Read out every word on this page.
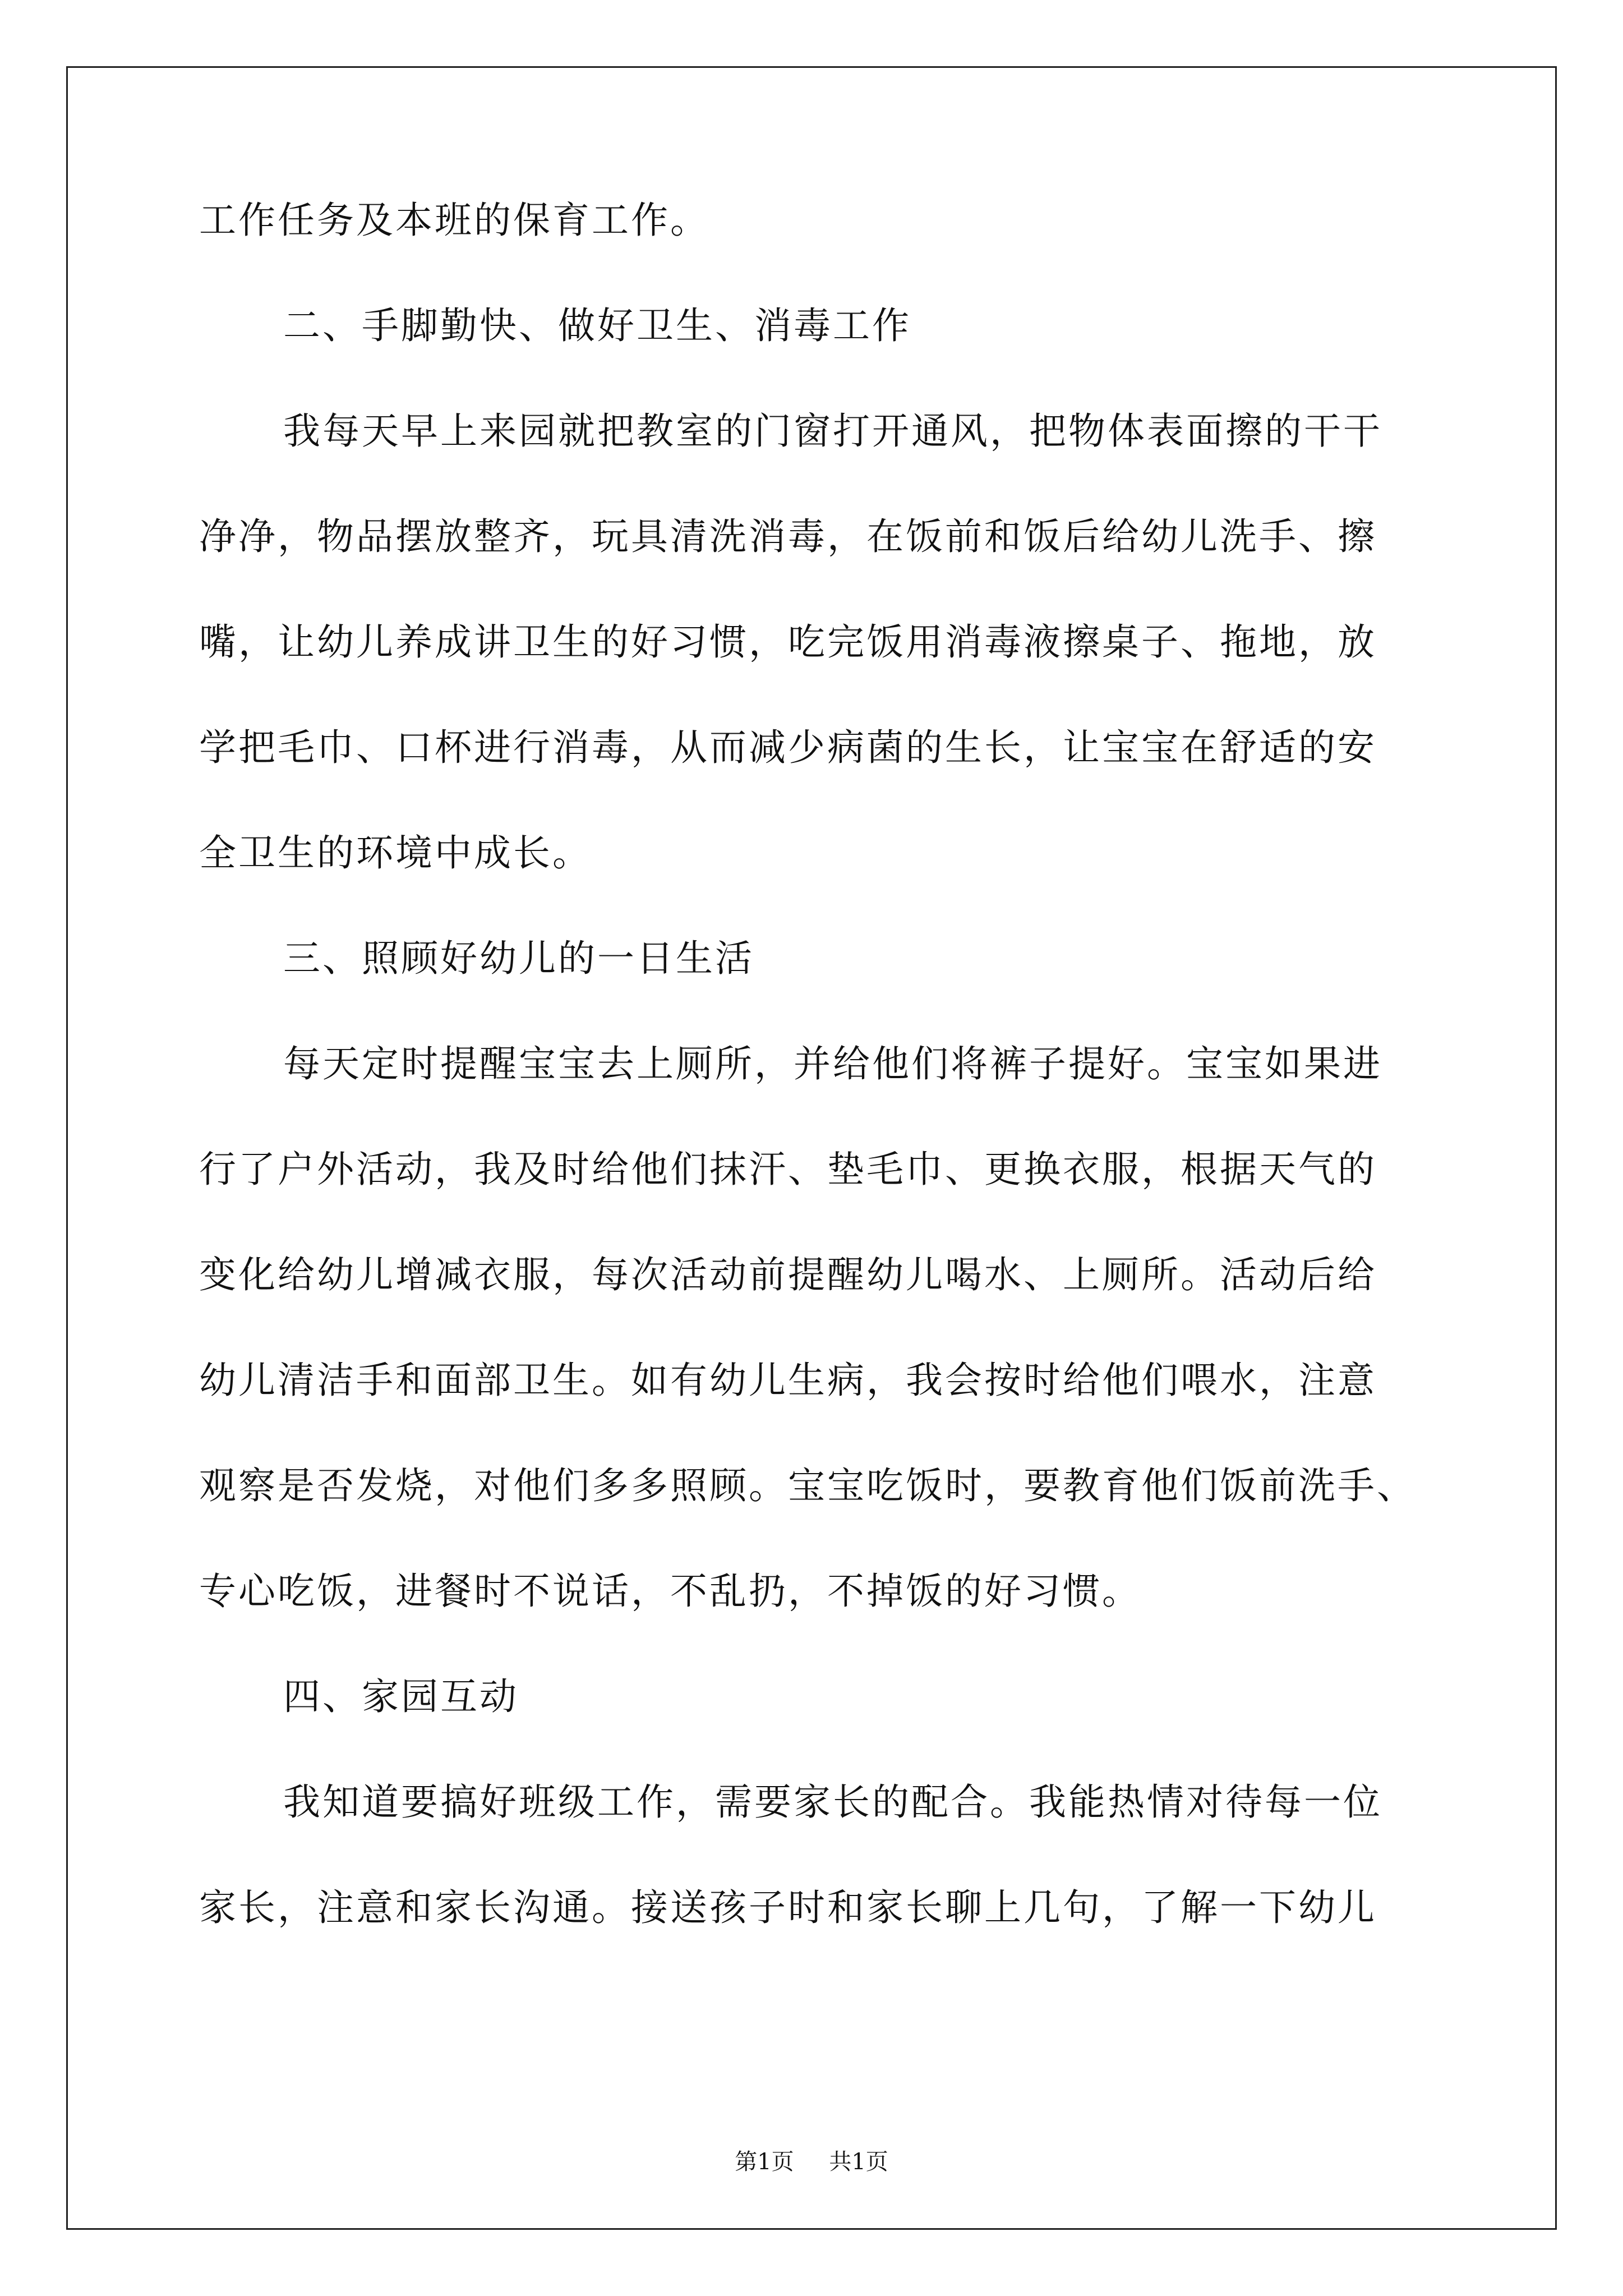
工作任务及本班的保育工作。
二、手脚勤快、做好卫生、消毒工作
我每天早上来园就把教室的门窗打开通风，把物体表面擦的干干
净净，物品摆放整齐，玩具清洗消毒，在饭前和饭后给幼儿洗手、擦
嘴，让幼儿养成讲卫生的好习惯，吃完饭用消毒液擦桌子、拖地，放
学把毛巾、口杯进行消毒，从而减少病菌的生长，让宝宝在舒适的安
全卫生的环境中成长。
三、照顾好幼儿的一日生活
每天定时提醒宝宝去上厕所，并给他们将裤子提好。宝宝如果进
行了户外活动，我及时给他们抹汗、垫毛巾、更换衣服，根据天气的
变化给幼儿增减衣服，每次活动前提醒幼儿喝水、上厕所。活动后给
幼儿清洁手和面部卫生。如有幼儿生病，我会按时给他们喂水，注意
观察是否发烧，对他们多多照顾。宝宝吃饭时，要教育他们饭前洗手、
专心吃饭，进餐时不说话，不乱扔，不掉饭的好习惯。
四、家园互动
我知道要搞好班级工作，需要家长的配合。我能热情对待每一位
家长，注意和家长沟通。接送孩子时和家长聊上几句，了解一下幼儿
第1页 共1页
